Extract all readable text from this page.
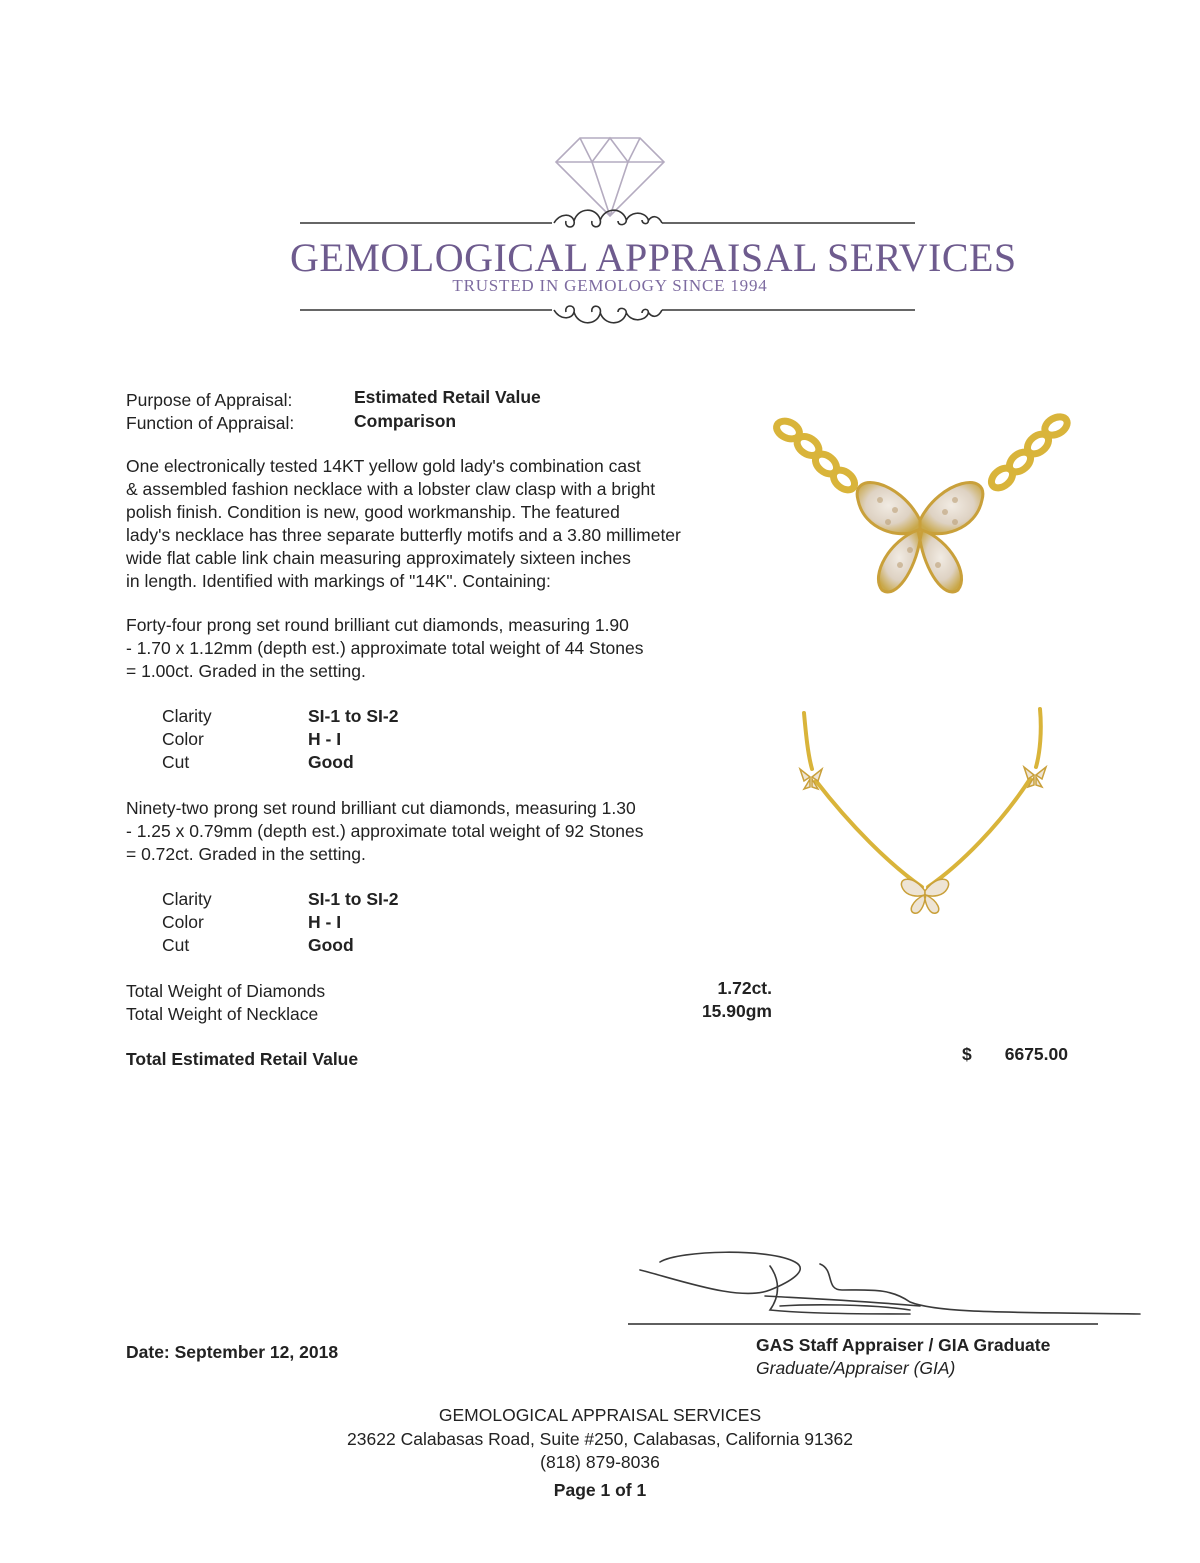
GEMOLOGICAL APPRAISAL SERVICES
TRUSTED IN GEMOLOGY SINCE 1994
Purpose of Appraisal:	Estimated Retail Value
Function of Appraisal:	Comparison
One electronically tested 14KT yellow gold lady's combination cast
& assembled fashion necklace with a lobster claw clasp with a bright
polish finish. Condition is new, good workmanship. The featured
lady's necklace has three separate butterfly motifs and a 3.80 millimeter
wide flat cable link chain measuring approximately sixteen inches
in length. Identified with markings of "14K". Containing:
Forty-four prong set round brilliant cut diamonds, measuring 1.90
- 1.70 x 1.12mm (depth est.) approximate total weight of 44 Stones
= 1.00ct. Graded in the setting.
Clarity	SI-1 to SI-2
Color	H - I
Cut	Good
Ninety-two prong set round brilliant cut diamonds, measuring 1.30
- 1.25 x 0.79mm (depth est.) approximate total weight of 92 Stones
= 0.72ct. Graded in the setting.
Clarity	SI-1 to SI-2
Color	H - I
Cut	Good
Total Weight of Diamonds	1.72ct.
Total Weight of Necklace	15.90gm
Total Estimated Retail Value	$	6675.00
Date: September 12, 2018	GAS Staff Appraiser / GIA Graduate
Graduate/Appraiser (GIA)
GEMOLOGICAL APPRAISAL SERVICES
23622 Calabasas Road, Suite #250, Calabasas, California 91362
(818) 879-8036
Page 1 of 1
